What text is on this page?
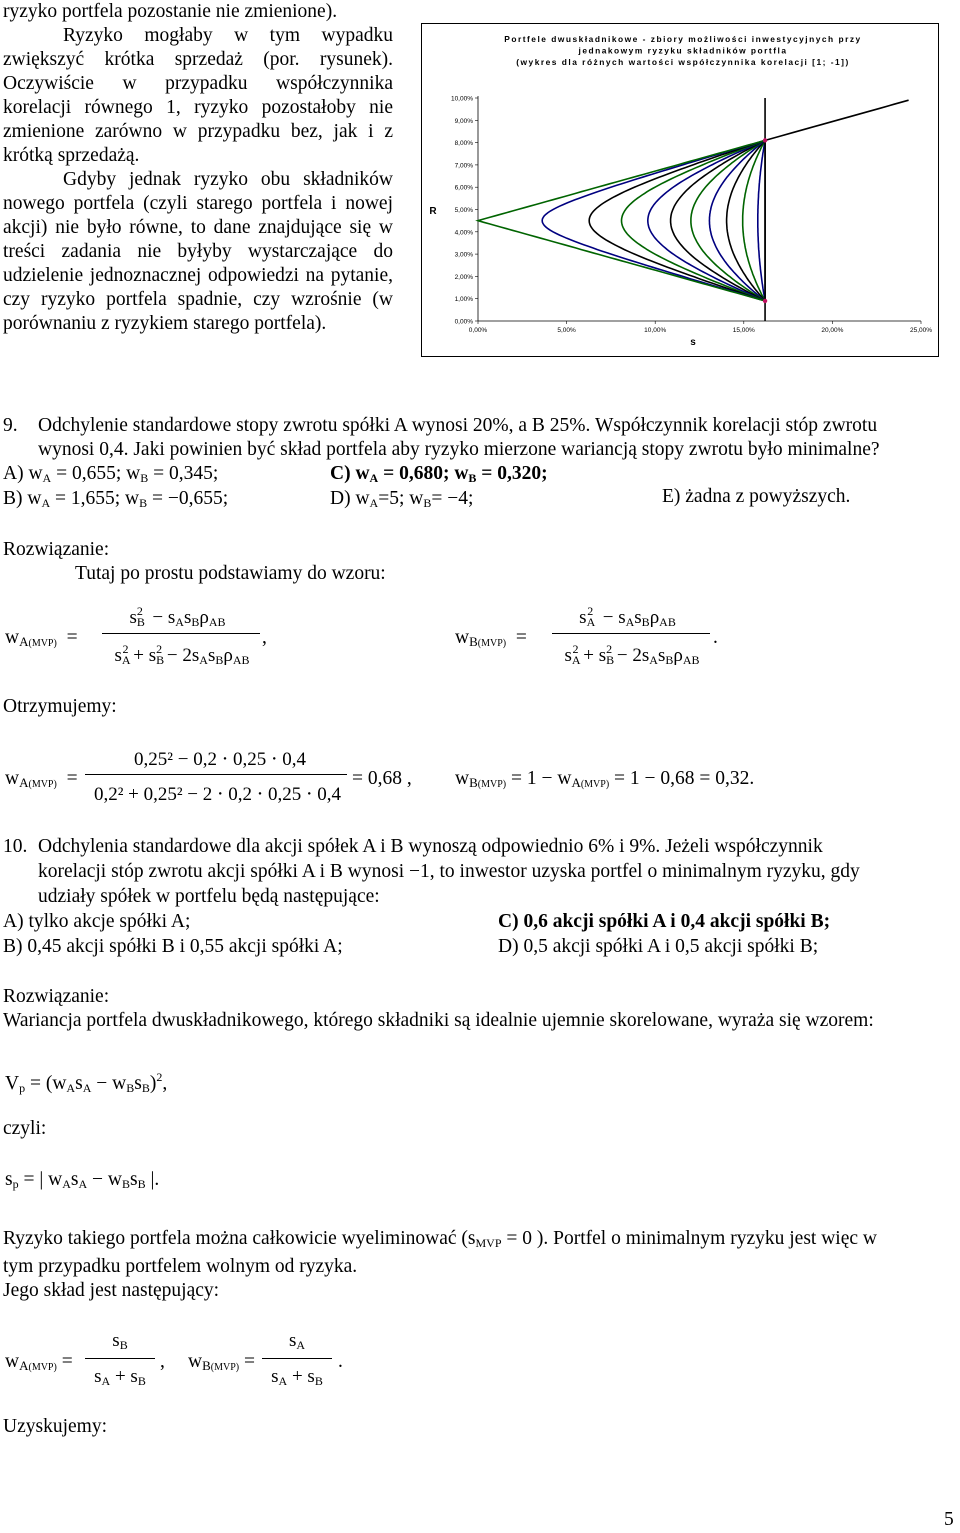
ryzyko portfela pozostanie nie zmienione).
Ryzyko mogłaby w tym wypadku zwiększyć krótka sprzedaż (por. rysunek). Oczywiście w przypadku współczynnika korelacji równego 1, ryzyko pozostałoby nie zmienione zarówno w przypadku bez, jak i z krótką sprzedażą.
Gdyby jednak ryzyko obu składników nowego portfela (czyli starego portfela i nowej akcji) nie było równe, to dane znajdujące się w treści zadania nie byłyby wystarczające do udzielenie jednoznacznej odpowiedzi na pytanie, czy ryzyko portfela spadnie, czy wzrośnie (w porównaniu z ryzykiem starego portfela).
Portfele dwuskładnikowe - zbiory możliwości inwestycyjnych przy
jednakowym ryzyku składników portfla
(wykres dla różnych wartości współczynnika korelacji [1; -1])
0,00%
1,00%
2,00%
3,00%
4,00%
5,00%
6,00%
7,00%
8,00%
9,00%
10,00%
0,00%	5,00%	10,00%	15,00%	20,00%	25,00%
R
s
9. Odchylenie standardowe stopy zwrotu spółki A wynosi 20%, a B 25%. Współczynnik korelacji stóp zwrotu
wynosi 0,4. Jaki powinien być skład portfela aby ryzyko mierzone wariancją stopy zwrotu było minimalne?
A) $w_A = 0,655$; $w_B = 0,345$;	C) $w_A = 0,680$; $w_B = 0,320$;
B) $w_A = 1,655$; $w_B = -0,655$;	D) $w_A=5$; $w_B= -4$;	E) żadna z powyższych.
Rozwiązanie:
Tutaj po prostu podstawiamy do wzoru:
$w_{A(MVP)}$  =
$s_B^2 - s_As_B\rho_{AB}$
$s_A^2 + s_B^2 - 2s_As_B\rho_{AB}$
,	$w_{B(MVP)}$  =
$s_A^2 - s_As_B\rho_{AB}$
$s_A^2 + s_B^2 - 2s_As_B\rho_{AB}$
.
Otrzymujemy:
$w_{A(MVP)}$  =
0,25² − 0,2 ⋅ 0,25 ⋅ 0,4
0,2² + 0,25² − 2 ⋅ 0,2 ⋅ 0,25 ⋅ 0,4
= 0,68 , $w_{B(MVP)} = 1 - w_{A(MVP)} = 1 - 0,68 = 0,32$.
10. Odchylenia standardowe dla akcji spółek A i B wynoszą odpowiednio 6% i 9%. Jeżeli współczynnik
korelacji stóp zwrotu akcji spółki A i B wynosi −1, to inwestor uzyska portfel o minimalnym ryzyku, gdy
udziały spółek w portfelu będą następujące:
A) tylko akcje spółki A;	C) 0,6 akcji spółki A i 0,4 akcji spółki B;
B) 0,45 akcji spółki B i 0,55 akcji spółki A;	D) 0,5 akcji spółki A i 0,5 akcji spółki B;
Rozwiązanie:
Wariancja portfela dwuskładnikowego, którego składniki są idealnie ujemnie skorelowane, wyraża się wzorem:
$V_p = (w_As_A - w_Bs_B)^2$,
czyli:
$s_p$ = | $w_As_A - w_Bs_B$ |.
Ryzyko takiego portfela można całkowicie wyeliminować ($s_{MVP} = 0$ ). Portfel o minimalnym ryzyku jest więc w
tym przypadku portfelem wolnym od ryzyka.
Jego skład jest następujący:
$w_{A(MVP)}$ =
$s_B$
$s_A + s_B$
, $w_{B(MVP)}$ =
$s_A$
$s_A + s_B$
.
Uzyskujemy:
5
